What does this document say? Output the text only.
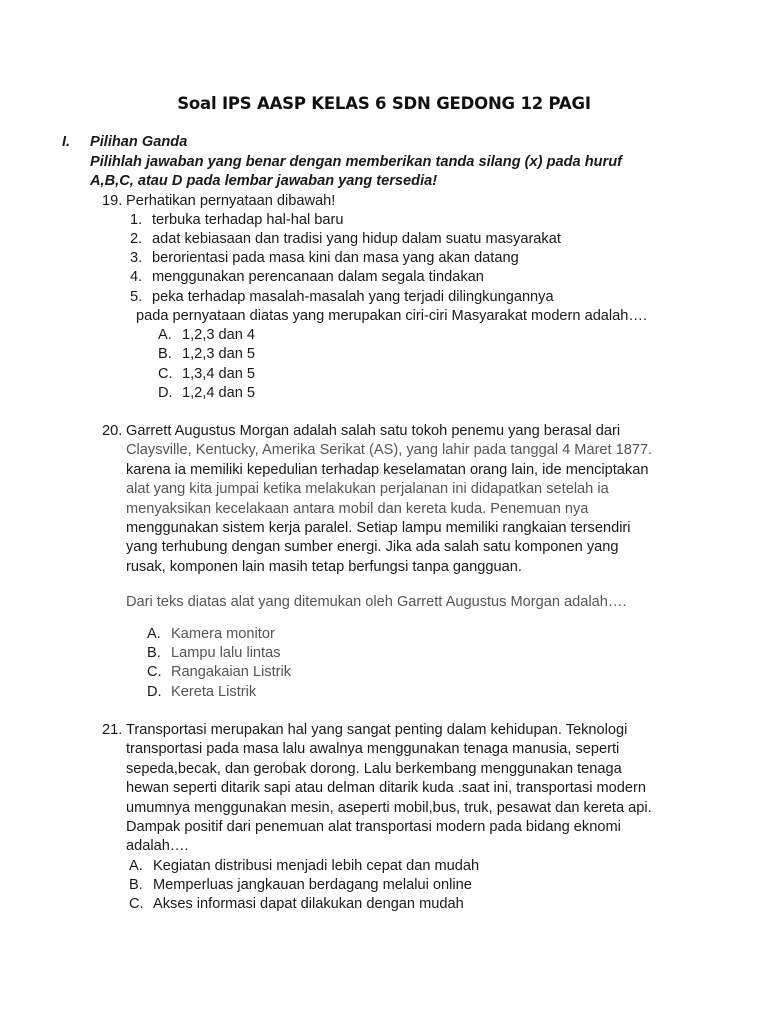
Soal IPS AASP KELAS 6 SDN GEDONG 12 PAGI
I. Pilihan Ganda
Pilihlah jawaban yang benar dengan memberikan tanda silang (x) pada huruf A,B,C, atau D pada lembar jawaban yang tersedia!
19. Perhatikan pernyataan dibawah!
1. terbuka terhadap hal-hal baru
2. adat kebiasaan dan tradisi yang hidup dalam suatu masyarakat
3. berorientasi pada masa kini dan masa yang akan datang
4. menggunakan perencanaan dalam segala tindakan
5. peka terhadap masalah-masalah yang terjadi dilingkungannya
pada pernyataan diatas yang merupakan ciri-ciri Masyarakat modern adalah….
A. 1,2,3 dan 4
B. 1,2,3 dan 5
C. 1,3,4 dan 5
D. 1,2,4 dan 5
20. Garrett Augustus Morgan adalah salah satu tokoh penemu yang berasal dari
Claysville, Kentucky, Amerika Serikat (AS), yang lahir pada tanggal 4 Maret 1877.
karena ia memiliki kepedulian terhadap keselamatan orang lain, ide menciptakan
alat yang kita jumpai ketika melakukan perjalanan ini didapatkan setelah ia
menyaksikan kecelakaan antara mobil dan kereta kuda. Penemuan nya
menggunakan sistem kerja paralel. Setiap lampu memiliki rangkaian tersendiri
yang terhubung dengan sumber energi. Jika ada salah satu komponen yang
rusak, komponen lain masih tetap berfungsi tanpa gangguan.
Dari teks diatas alat yang ditemukan oleh Garrett Augustus Morgan adalah….
A. Kamera monitor
B. Lampu lalu lintas
C. Rangakaian Listrik
D. Kereta Listrik
21. Transportasi merupakan hal yang sangat penting dalam kehidupan. Teknologi
transportasi pada masa lalu awalnya menggunakan tenaga manusia, seperti
sepeda,becak, dan gerobak dorong. Lalu berkembang menggunakan tenaga
hewan seperti ditarik sapi atau delman ditarik kuda .saat ini, transportasi modern
umumnya menggunakan mesin, aseperti mobil,bus, truk, pesawat dan kereta api.
Dampak positif dari penemuan alat transportasi modern pada bidang eknomi
adalah….
A. Kegiatan distribusi menjadi lebih cepat dan mudah
B. Memperluas jangkauan berdagang melalui online
C. Akses informasi dapat dilakukan dengan mudah
